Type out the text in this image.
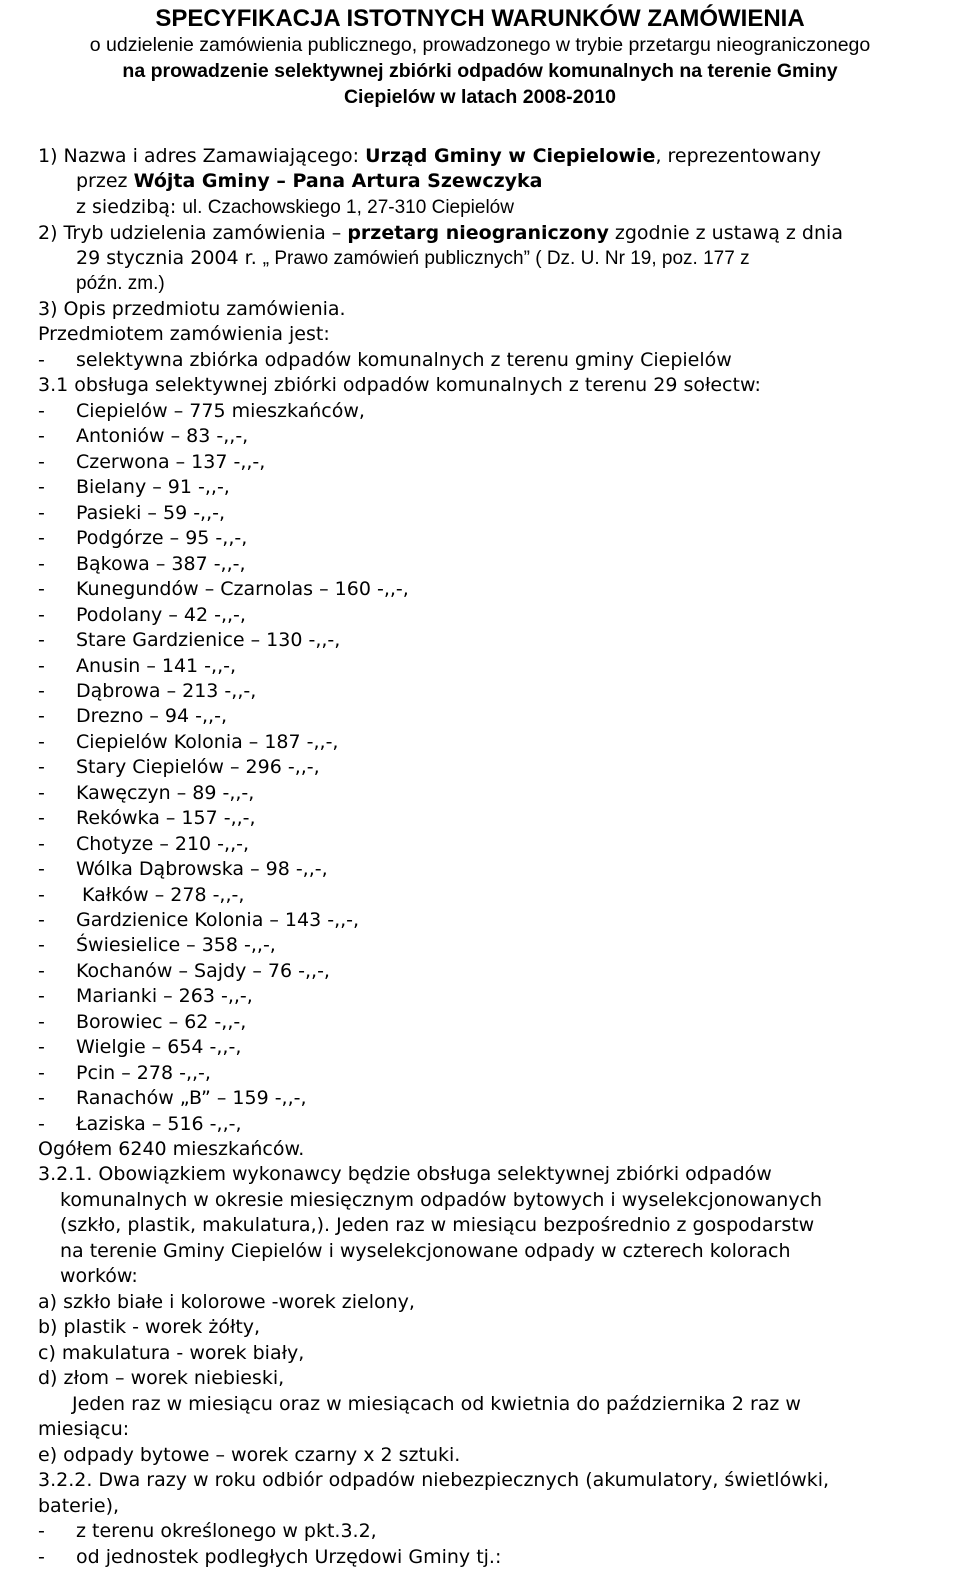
SPECYFIKACJA ISTOTNYCH WARUNKÓW ZAMÓWIENIA
o udzielenie zamówienia publicznego, prowadzonego w trybie przetargu nieograniczonego
na prowadzenie selektywnej zbiórki odpadów komunalnych na terenie Gminy
Ciepielów w latach 2008-2010
1) Nazwa i adres Zamawiającego: Urząd Gminy w Ciepielowie, reprezentowany
przez Wójta Gminy – Pana Artura Szewczyka
z siedzibą: ul. Czachowskiego 1, 27-310 Ciepielów
2) Tryb udzielenia zamówienia – przetarg nieograniczony zgodnie z ustawą z dnia
29 stycznia 2004 r. „ Prawo zamówień publicznych” ( Dz. U. Nr 19, poz. 177 z
późn. zm.)
3) Opis przedmiotu zamówienia.
Przedmiotem zamówienia jest:
- selektywna zbiórka odpadów komunalnych z terenu gminy Ciepielów
3.1 obsługa selektywnej zbiórki odpadów komunalnych z terenu 29 sołectw:
- Ciepielów – 775 mieszkańców,
- Antoniów – 83 -,,-,
- Czerwona – 137 -,,-,
- Bielany – 91 -,,-,
- Pasieki – 59 -,,-,
- Podgórze – 95 -,,-,
- Bąkowa – 387 -,,-,
- Kunegundów – Czarnolas – 160 -,,-,
- Podolany – 42 -,,-,
- Stare Gardzienice – 130 -,,-,
- Anusin – 141 -,,-,
- Dąbrowa – 213 -,,-,
- Drezno – 94 -,,-,
- Ciepielów Kolonia – 187 -,,-,
- Stary Ciepielów – 296 -,,-,
- Kawęczyn – 89 -,,-,
- Rekówka – 157 -,,-,
- Chotyze – 210 -,,-,
- Wólka Dąbrowska – 98 -,,-,
- Kałków – 278 -,,-,
- Gardzienice Kolonia – 143 -,,-,
- Świesielice – 358 -,,-,
- Kochanów – Sajdy – 76 -,,-,
- Marianki – 263 -,,-,
- Borowiec – 62 -,,-,
- Wielgie – 654 -,,-,
- Pcin – 278 -,,-,
- Ranachów „B” – 159 -,,-,
- Łaziska – 516 -,,-,
Ogółem 6240 mieszkańców.
3.2.1. Obowiązkiem wykonawcy będzie obsługa selektywnej zbiórki odpadów
komunalnych w okresie miesięcznym odpadów bytowych i wyselekcjonowanych
(szkło, plastik, makulatura,). Jeden raz w miesiącu bezpośrednio z gospodarstw
na terenie Gminy Ciepielów i wyselekcjonowane odpady w czterech kolorach
worków:
a) szkło białe i kolorowe -worek zielony,
b) plastik - worek żółty,
c) makulatura - worek biały,
d) złom – worek niebieski,
Jeden raz w miesiącu oraz w miesiącach od kwietnia do października 2 raz w
miesiącu:
e) odpady bytowe – worek czarny x 2 sztuki.
3.2.2. Dwa razy w roku odbiór odpadów niebezpiecznych (akumulatory, świetlówki,
baterie),
- z terenu określonego w pkt.3.2,
- od jednostek podległych Urzędowi Gminy tj.:
